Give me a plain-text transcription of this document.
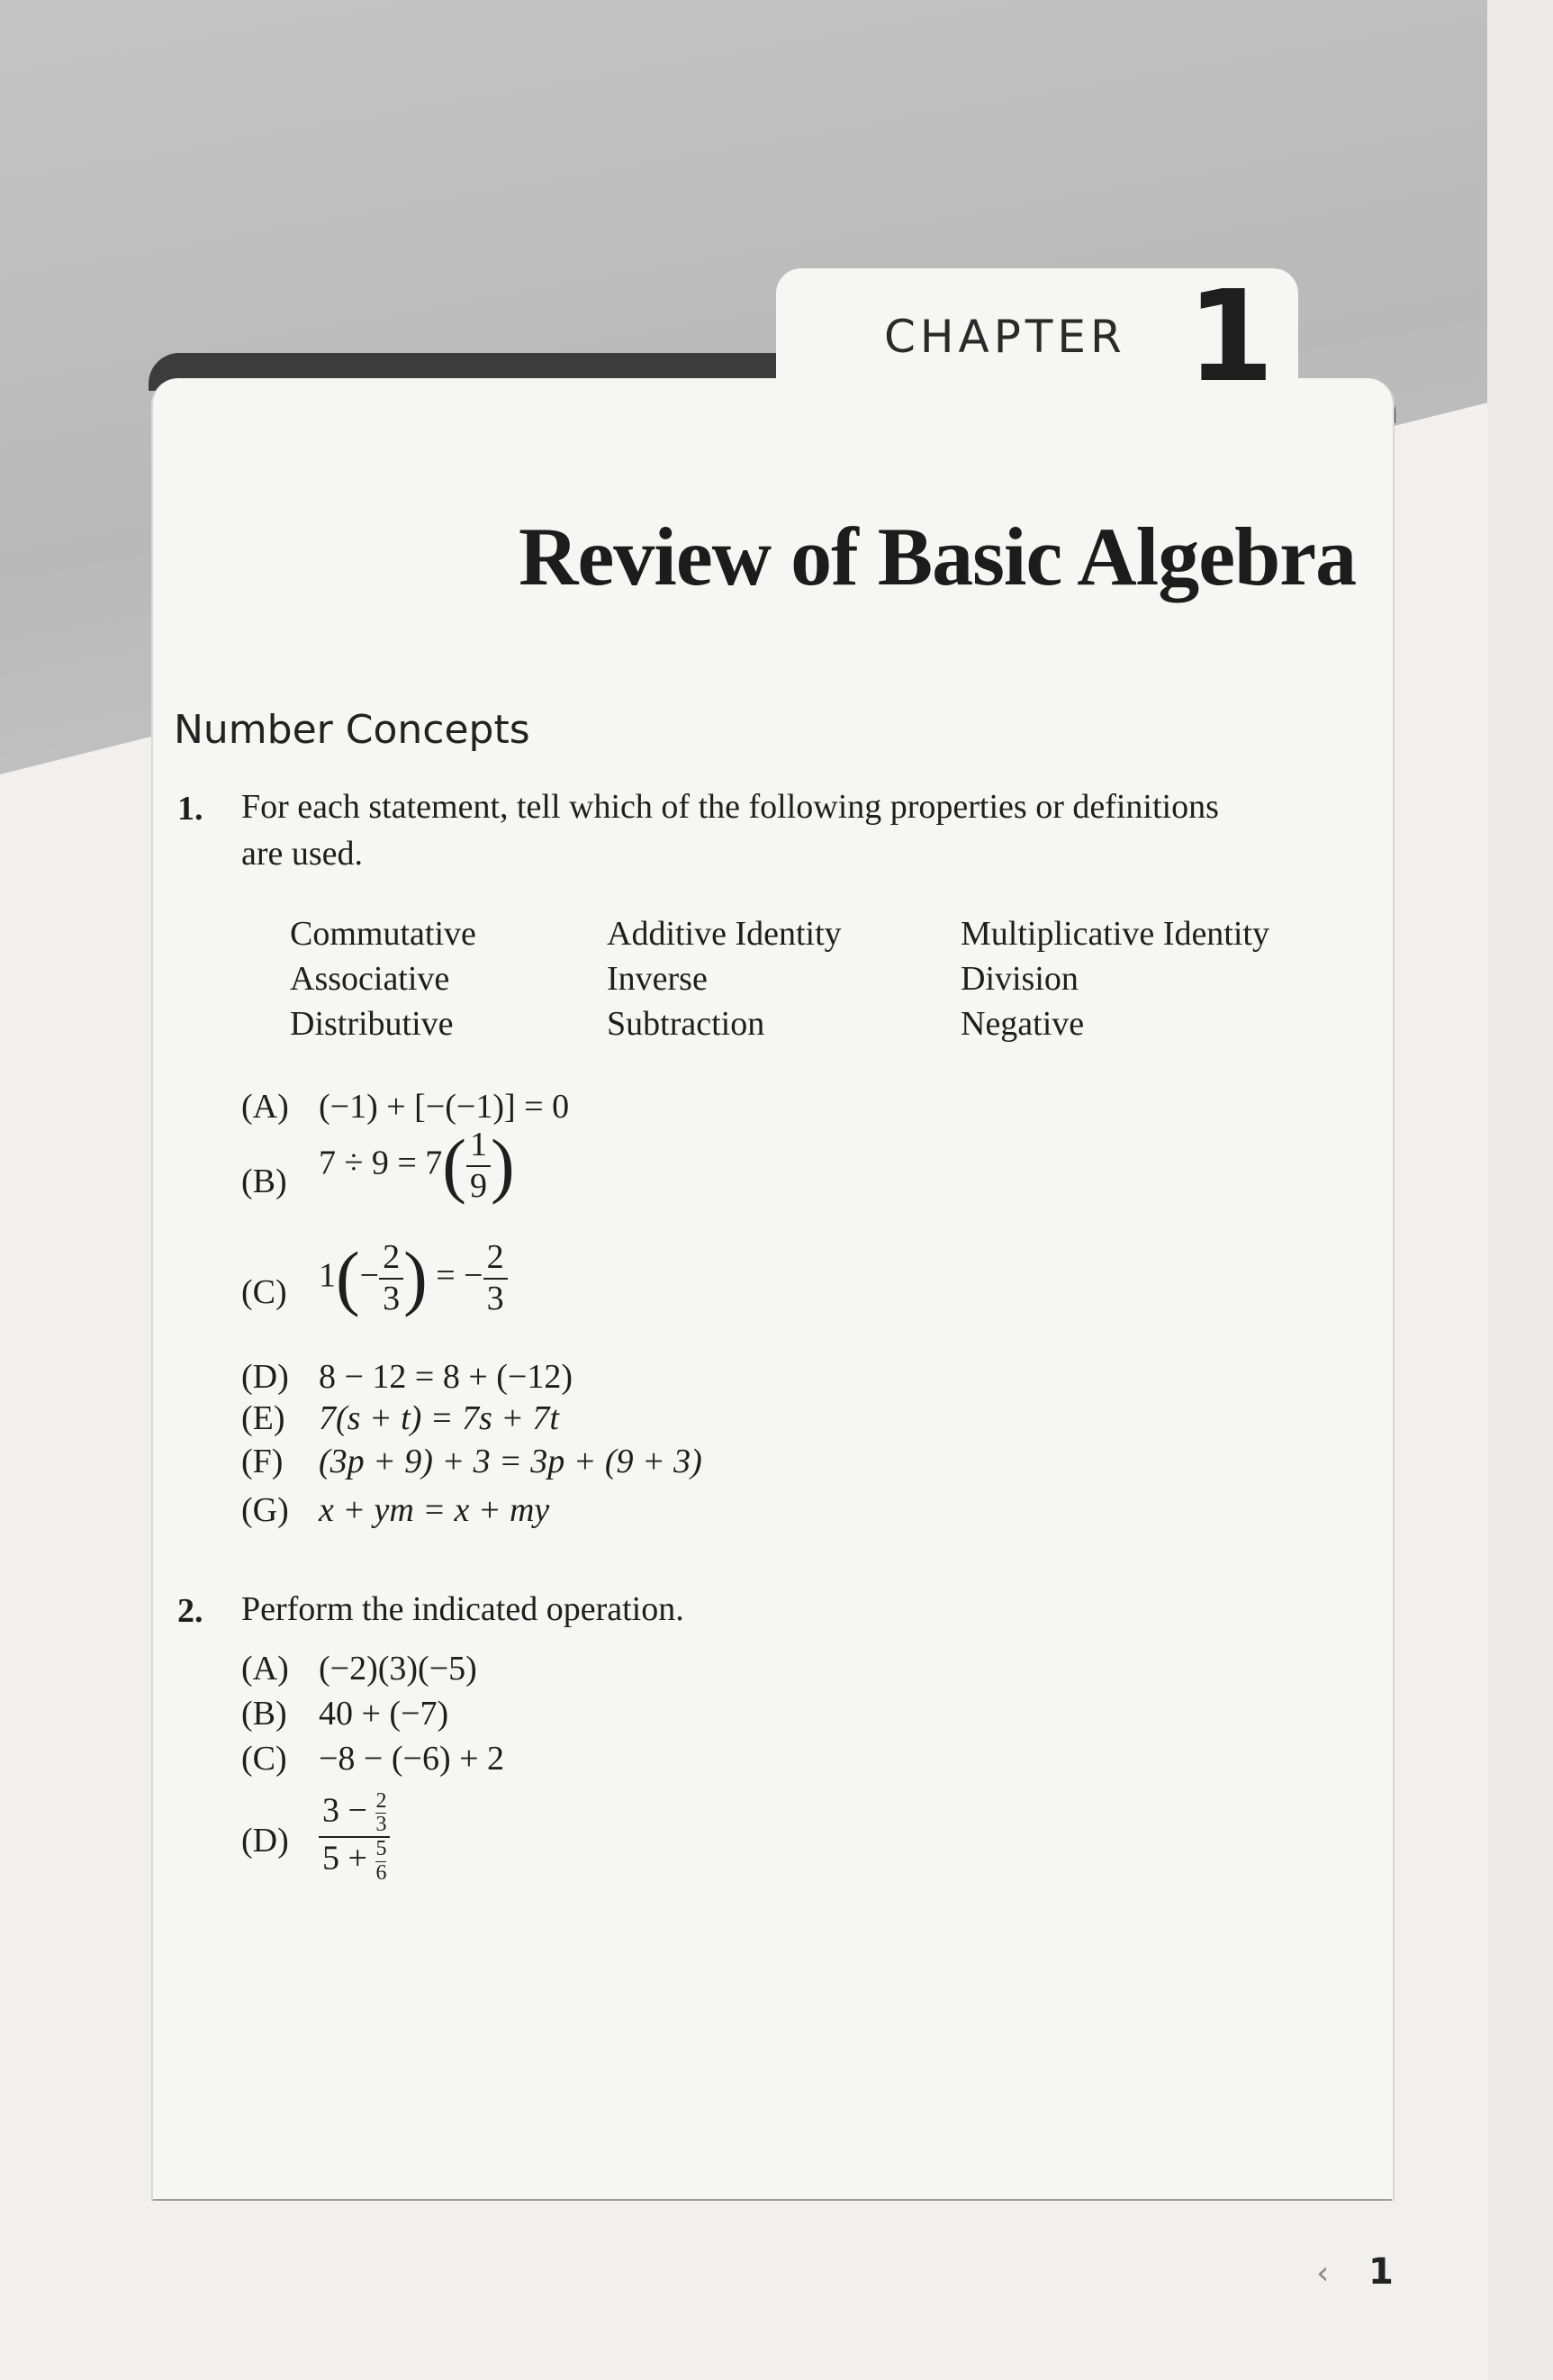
CHAPTER 1
Review of Basic Algebra
Number Concepts
1. For each statement, tell which of the following properties or definitions
are used.
Commutative
Associative
Distributive
Additive Identity
Inverse
Subtraction
Multiplicative Identity
Division
Negative
(A) (−1) + [−(−1)] = 0
(B) $7 \div 9 = 7( \frac{1}{9}$ )
(C) $1(- \frac{2}{3}$ ) = − $\frac{2}{3}$
(D) 8 − 12 = 8 + (−12)
(E) 7(s + t) = 7s + 7t
(F) (3p + 9) + 3 = 3p + (9 + 3)
(G) x + ym = x + my
2. Perform the indicated operation.
(A) (−2)(3)(−5)
(B) 40 + (−7)
(C) −8 − (−6) + 2
$(D) \frac{3 - \frac{2}{3}}{5 + \frac{5}{6}}$
‹ 1
